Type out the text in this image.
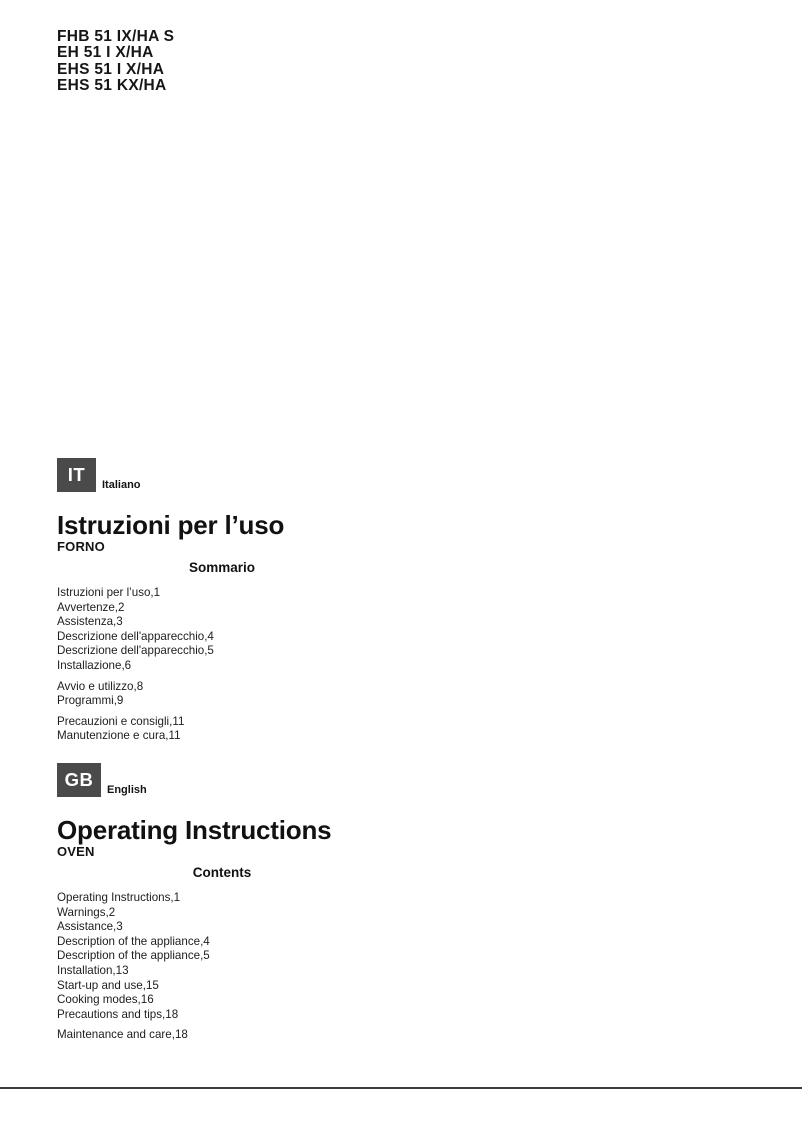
FHB 51 IX/HA S
EH 51 I X/HA
EHS 51 I X/HA
EHS 51 KX/HA
IT	Italiano
Istruzioni per l’uso
FORNO
Sommario
Istruzioni per l’uso,1
Avvertenze,2
Assistenza,3
Descrizione dell'apparecchio,4
Descrizione dell'apparecchio,5
Installazione,6
Avvio e utilizzo,8
Programmi,9
Precauzioni e consigli,11
Manutenzione e cura,11
GB	English
Operating Instructions
OVEN
Contents
Operating Instructions,1
Warnings,2
Assistance,3
Description of the appliance,4
Description of the appliance,5
Installation,13
Start-up and use,15
Cooking modes,16
Precautions and tips,18
Maintenance and care,18
